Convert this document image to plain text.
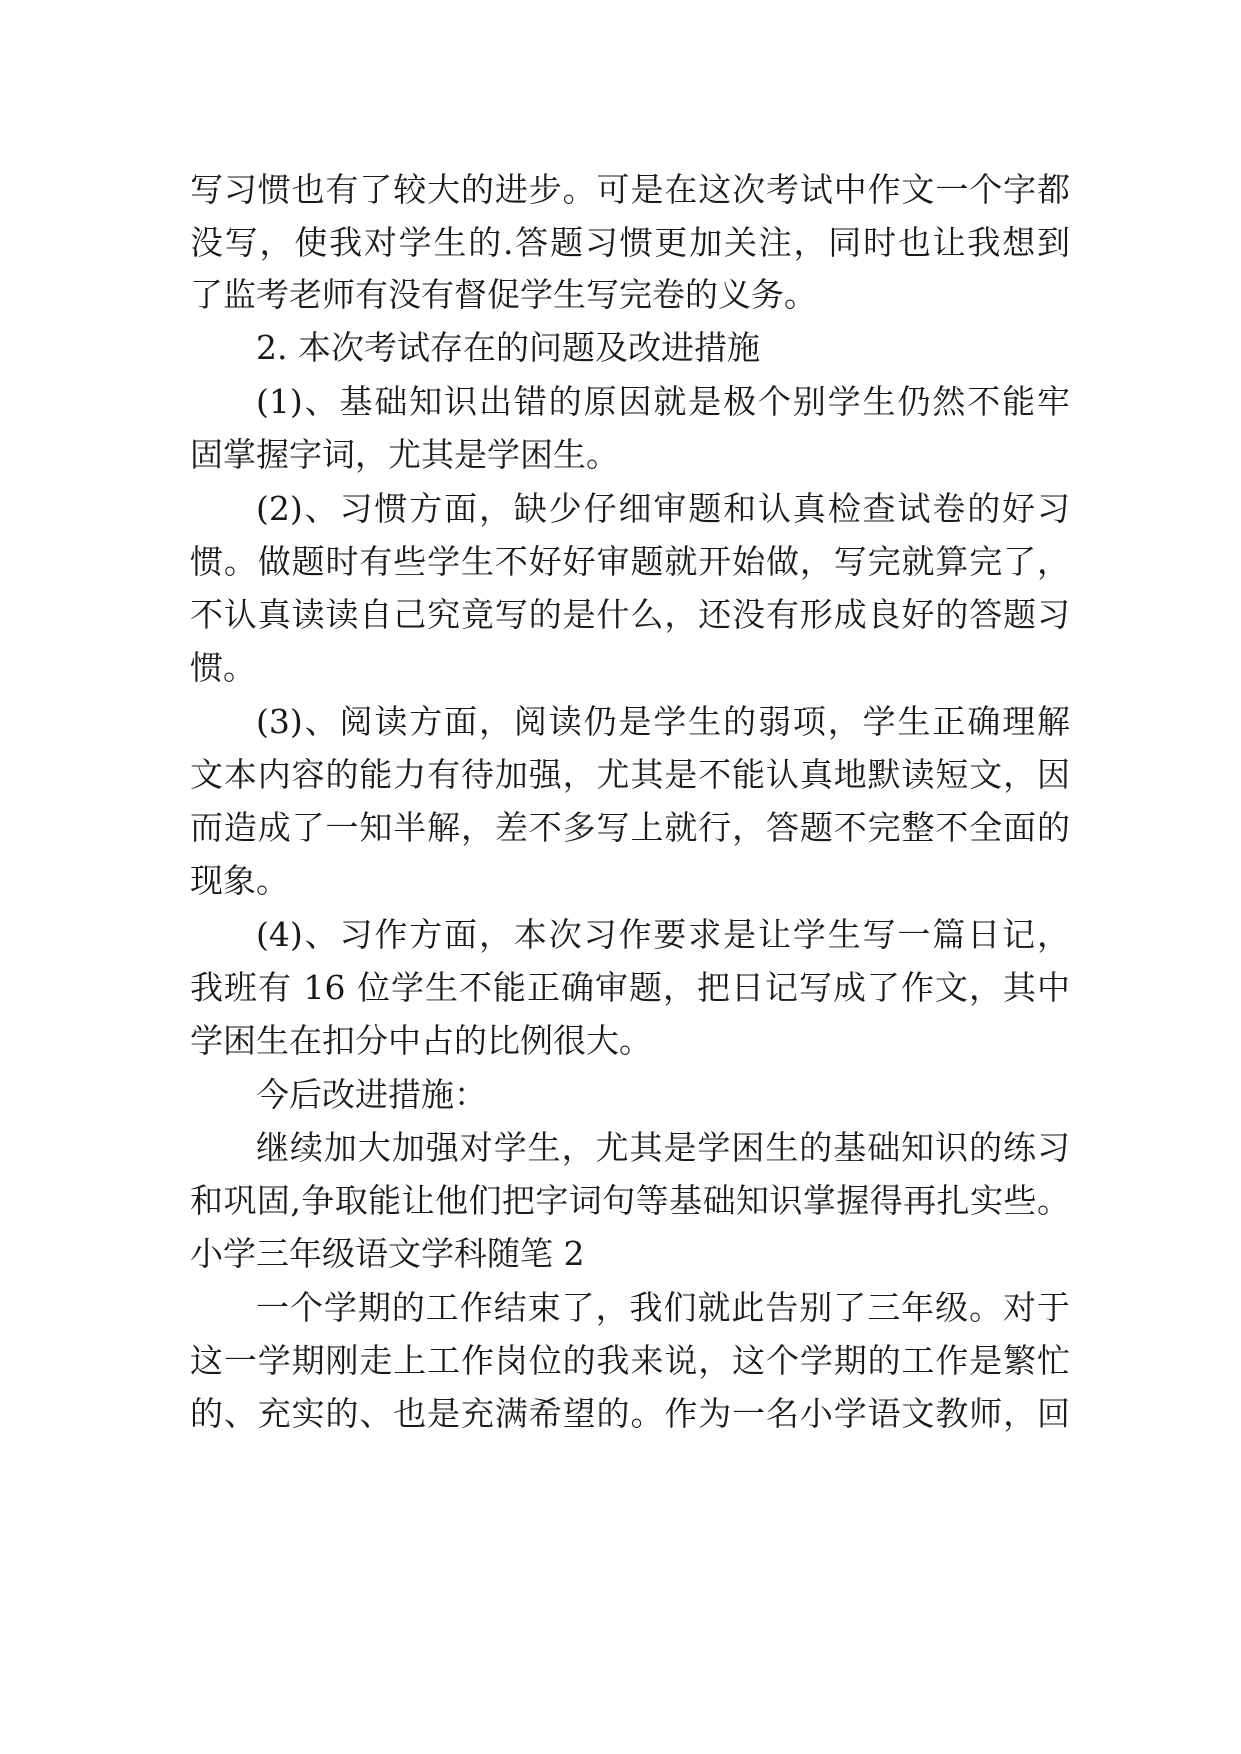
写习惯也有了较大的进步。可是在这次考试中作文一个字都
没写，使我对学生的.答题习惯更加关注，同时也让我想到
了监考老师有没有督促学生写完卷的义务。
2. 本次考试存在的问题及改进措施
(1)、基础知识出错的原因就是极个别学生仍然不能牢
固掌握字词，尤其是学困生。
(2)、习惯方面，缺少仔细审题和认真检查试卷的好习
惯。做题时有些学生不好好审题就开始做，写完就算完了，
不认真读读自己究竟写的是什么，还没有形成良好的答题习
惯。
(3)、阅读方面，阅读仍是学生的弱项，学生正确理解
文本内容的能力有待加强，尤其是不能认真地默读短文，因
而造成了一知半解，差不多写上就行，答题不完整不全面的
现象。
(4)、习作方面，本次习作要求是让学生写一篇日记，
我班有 16 位学生不能正确审题，把日记写成了作文，其中
学困生在扣分中占的比例很大。
今后改进措施：
继续加大加强对学生，尤其是学困生的基础知识的练习
和巩固,争取能让他们把字词句等基础知识掌握得再扎实些。
小学三年级语文学科随笔 2
一个学期的工作结束了，我们就此告别了三年级。对于
这一学期刚走上工作岗位的我来说，这个学期的工作是繁忙
的、充实的、也是充满希望的。作为一名小学语文教师，回
